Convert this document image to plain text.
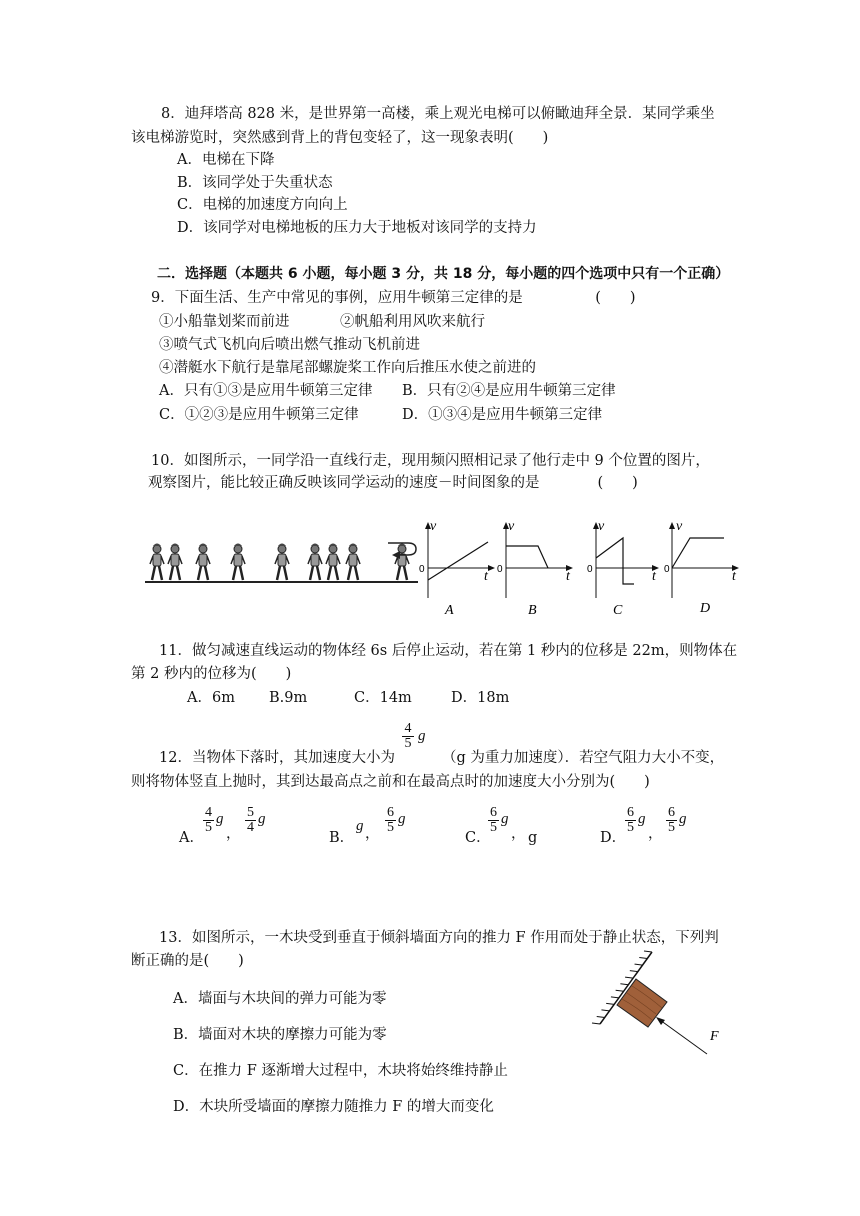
8．迪拜塔高 828 米，是世界第一高楼，乘上观光电梯可以俯瞰迪拜全景．某同学乘坐
该电梯游览时，突然感到背上的背包变轻了，这一现象表明(　　)
A．电梯在下降
B．该同学处于失重状态
C．电梯的加速度方向向上
D．该同学对电梯地板的压力大于地板对该同学的支持力
二．选择题（本题共 6 小题，每小题 3 分，共 18 分，每小题的四个选项中只有一个正确）
9．下面生活、生产中常见的事例，应用牛顿第三定律的是　　　　　(　　)
①小船靠划桨而前进	②帆船利用风吹来航行
③喷气式飞机向后喷出燃气推动飞机前进
④潜艇水下航行是靠尾部螺旋桨工作向后推压水使之前进的
A．只有①③是应用牛顿第三定律 B．只有②④是应用牛顿第三定律
C．①②③是应用牛顿第三定律	D．①③④是应用牛顿第三定律
10．如图所示，一同学沿一直线行走，现用频闪照相记录了他行走中 9 个位置的图片，
观察图片，能比较正确反映该同学运动的速度－时间图象的是　　　　(　　)
v
t
0
A
v
t
0
B
v
t
0
C
v
t
0
D
11．做匀减速直线运动的物体经 6s 后停止运动，若在第 1 秒内的位移是 22m，则物体在
第 2 秒内的位移为(　　)
A．6m B.9m	C．14m	D．18m
12．当物体下落时，其加速度大小为
$\frac{4}{5}$ g
（g 为重力加速度）．若空气阻力大小不变，
则将物体竖直上抛时，其到达最高点之前和在最高点时的加速度大小分别为(　　)
A．
$\frac{4}{5}$ g
， $\frac{5}{4}$ g
B．
g ， $\frac{6}{5}$ g
C．
$\frac{6}{5}$ g
， g	D．
$\frac{6}{5}$ g
， $\frac{6}{5}$ g
13．如图所示，一木块受到垂直于倾斜墙面方向的推力 F 作用而处于静止状态，下列判
断正确的是(　　)
A．墙面与木块间的弹力可能为零
B．墙面对木块的摩擦力可能为零
C．在推力 F 逐渐增大过程中，木块将始终维持静止
D．木块所受墙面的摩擦力随推力 F 的增大而变化
F
